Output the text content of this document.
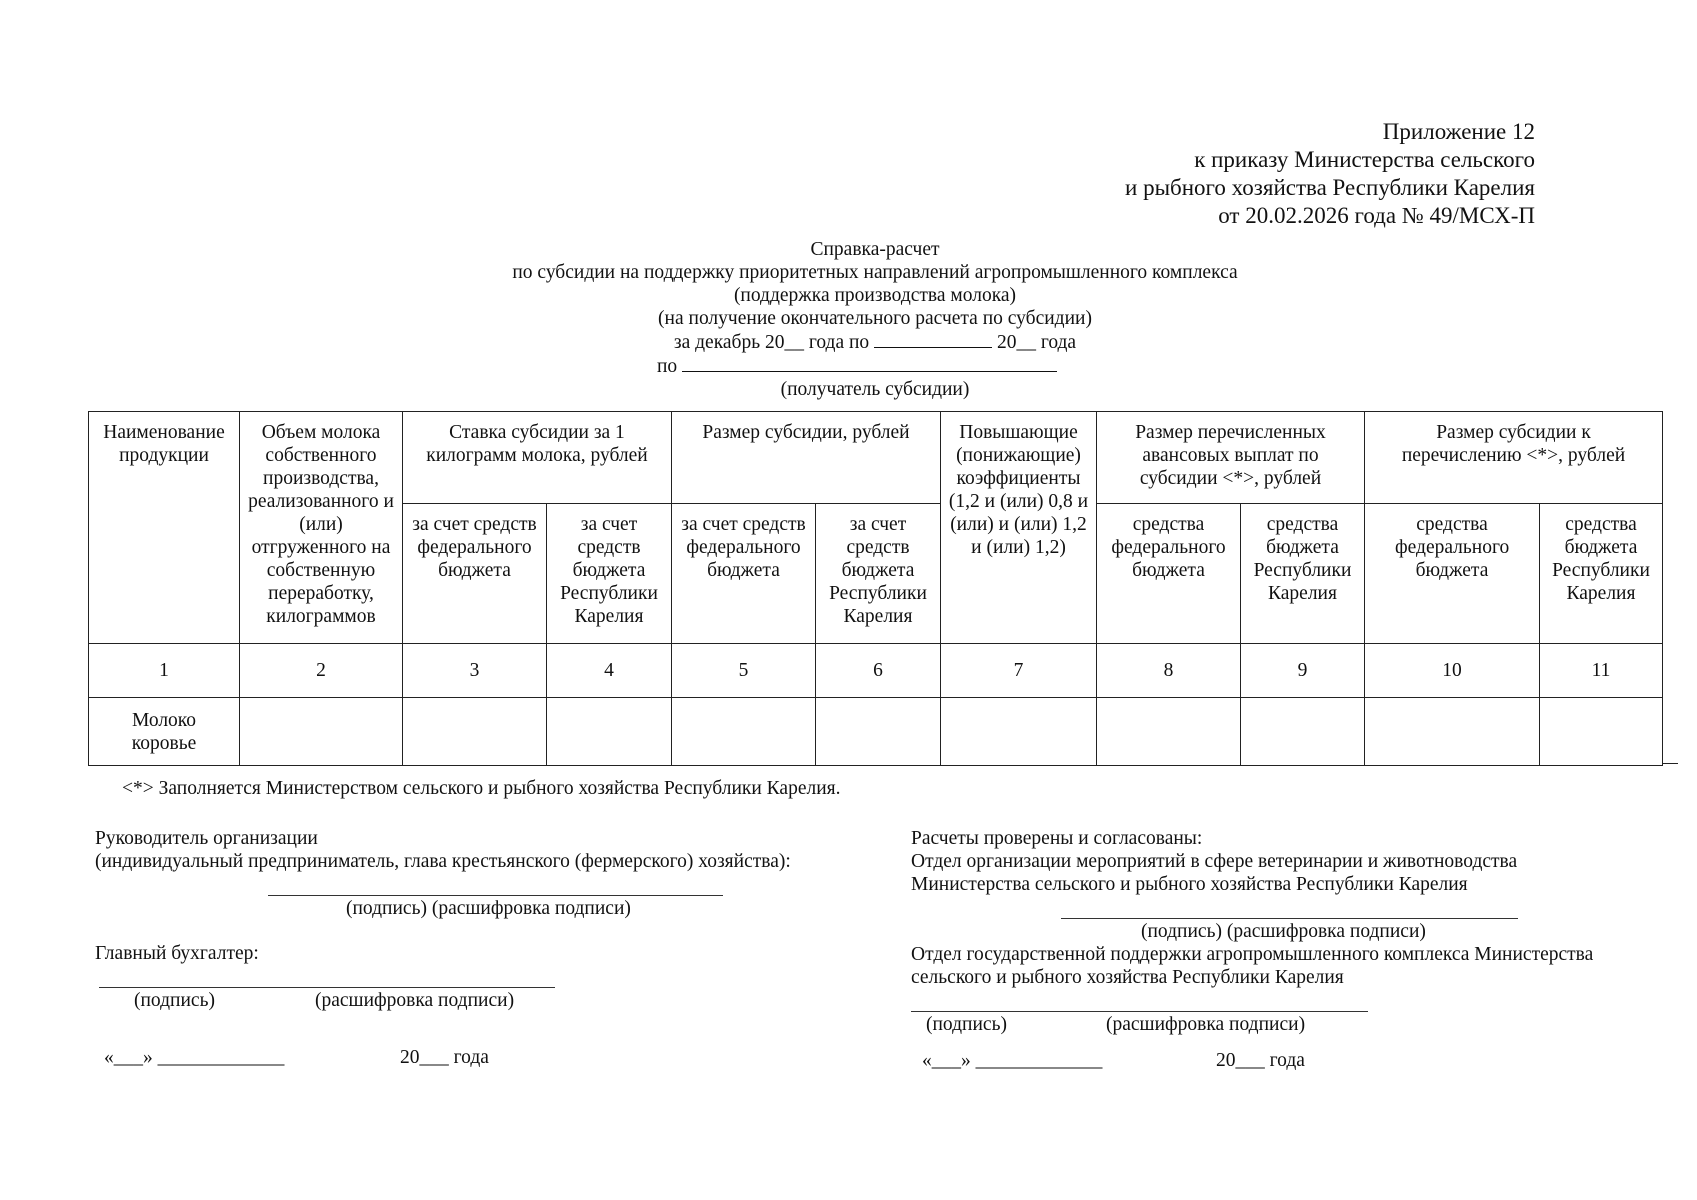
Приложение 12
к приказу Министерства сельского
и рыбного хозяйства Республики Карелия
от 20.02.2026 года № 49/МСХ-П
Справка-расчет
по субсидии на поддержку приоритетных направлений агропромышленного комплекса
(поддержка производства молока)
(на получение окончательного расчета по субсидии)
за декабрь 20__ года по	20__ года
по
(получатель субсидии)
Наименование продукции	Объем молока собственного производства, реализованного и (или) отгруженного на собственную переработку, килограммов	Ставка субсидии за 1 килограмм молока, рублей		Размер субсидии, рублей		Повышающие (понижающие) коэффициенты (1,2 и (или) 0,8 и (или) и (или) 1,2 и (или) 1,2)	Размер перечисленных авансовых выплат по субсидии <*>, рублей		Размер субсидии к перечислению <*>, рублей	
		за счет средств федерального бюджета	за счет средств бюджета Республики Карелия	за счет средств федерального бюджета	за счет средств бюджета Республики Карелия		средства федерального бюджета	средства бюджета Республики Карелия	средства федерального бюджета	средства бюджета Республики Карелия
1	2	3	4	5	6	7	8	9	10	11
Молоко коровье										
<*> Заполняется Министерством сельского и рыбного хозяйства Республики Карелия.
Руководитель организации
(индивидуальный предприниматель, глава крестьянского (фермерского) хозяйства):
(подпись) (расшифровка подписи)
Главный бухгалтер:
(подпись)	(расшифровка подписи)
«___» _____________	20___ года
Расчеты проверены и согласованы:
Отдел организации мероприятий в сфере ветеринарии и животноводства
Министерства сельского и рыбного хозяйства Республики Карелия
(подпись) (расшифровка подписи)
Отдел государственной поддержки агропромышленного комплекса Министерства
сельского и рыбного хозяйства Республики Карелия
(подпись)	(расшифровка подписи)
«___» _____________	20___ года
